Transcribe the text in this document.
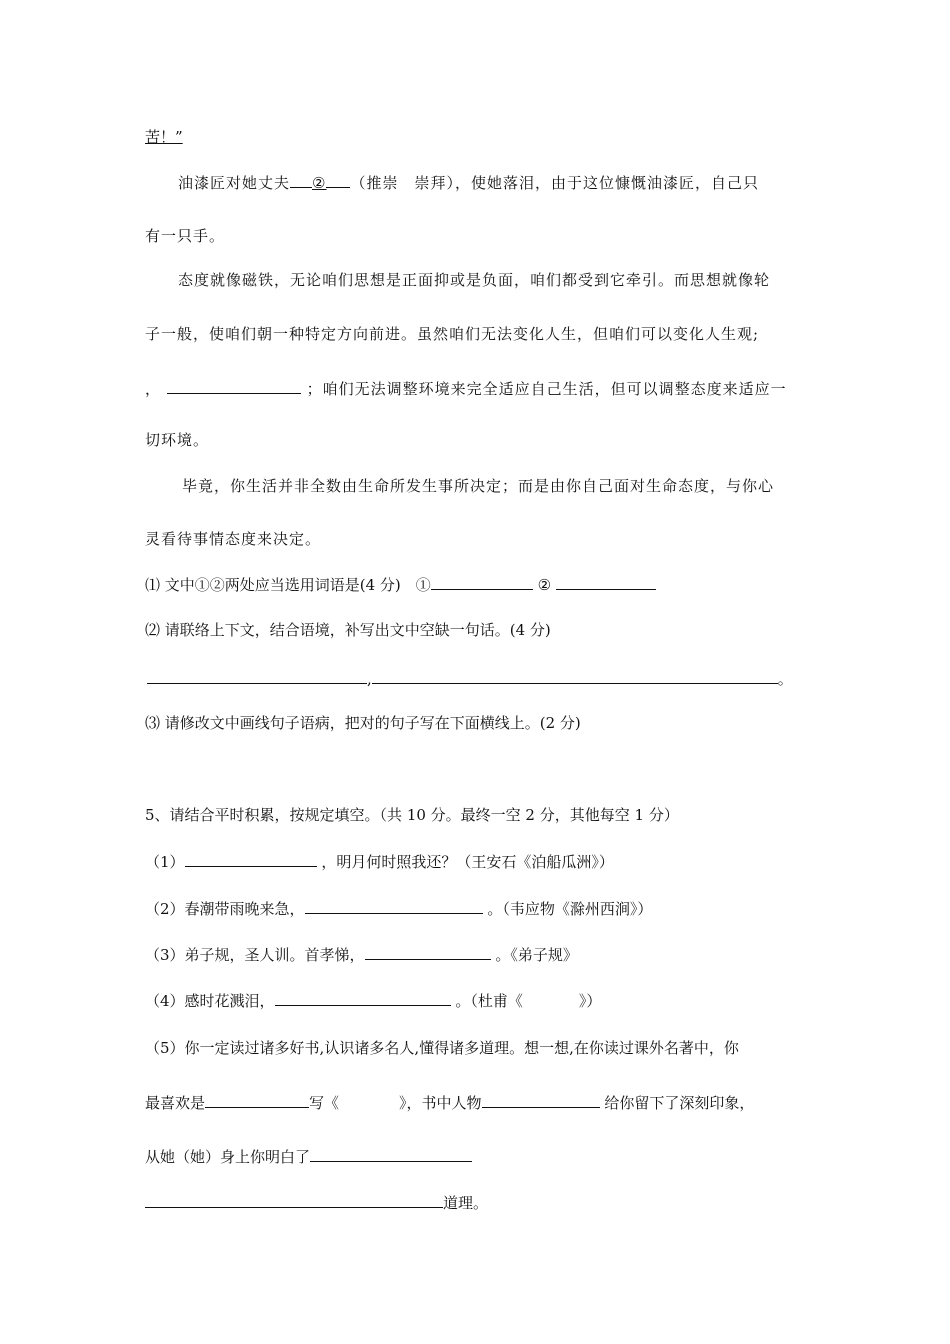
苦！”
油漆匠对她丈夫 ② （推崇　崇拜），使她落泪，由于这位慷慨油漆匠，自己只
有一只手。
态度就像磁铁，无论咱们思想是正面抑或是负面，咱们都受到它牵引。而思想就像轮
子一般，使咱们朝一种特定方向前进。虽然咱们无法变化人生，但咱们可以变化人生观;
，	；咱们无法调整环境来完全适应自己生活，但可以调整态度来适应一
切环境。
毕竟，你生活并非全数由生命所发生事所决定；而是由你自己面对生命态度，与你心
灵看待事情态度来决定。
⑴ 文中①②两处应当选用词语是(4 分)　①	②
⑵ 请联络上下文，结合语境，补写出文中空缺一句话。(4 分)
,	。
⑶ 请修改文中画线句子语病，把对的句子写在下面横线上。(2 分)
5、请结合平时积累，按规定填空。（共 10 分。最终一空 2 分，其他每空 1 分）
（1）	，明月何时照我还？（王安石《泊船瓜洲》）
（2）春潮带雨晚来急，	。（韦应物《滁州西涧》）
（3）弟子规，圣人训。首孝悌，	。《弟子规》
（4）感时花溅泪，	。（杜甫《	》）
（5）你一定读过诸多好书,认识诸多名人,懂得诸多道理。想一想,在你读过课外名著中，你
最喜欢是	写《	》，书中人物	给你留下了深刻印象，
从她（她）身上你明白了
道理。
